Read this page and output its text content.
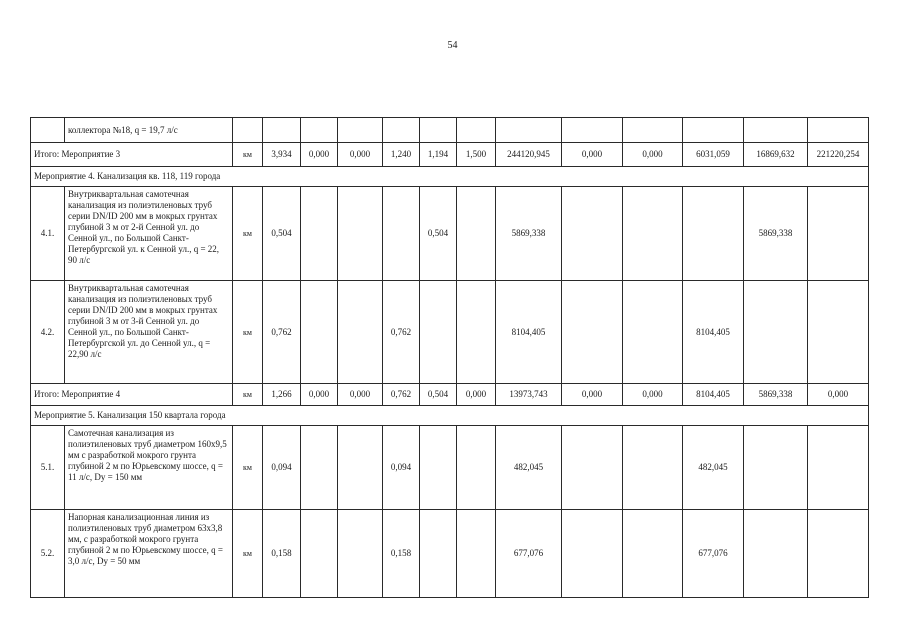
54
	коллектора №18, q = 19,7 л/с													
Итого: Мероприятие 3		км	3,934	0,000	0,000	1,240	1,194	1,500	244120,945	0,000	0,000	6031,059	16869,632	221220,254
Мероприятие 4. Канализация кв. 118, 119 города														
4.1.	Внутриквартальная самотечная канализация из полиэтиленовых труб серии DN/ID 200 мм в мокрых грунтах глубиной 3 м от 2-й Сенной ул. до Сенной ул., по Большой Санкт-Петербургской ул. к Сенной ул., q = 22, 90 л/с	км	0,504				0,504		5869,338				5869,338	
4.2.	Внутриквартальная самотечная канализация из полиэтиленовых труб серии DN/ID 200 мм в мокрых грунтах глубиной 3 м от 3-й Сенной ул. до Сенной ул., по Большой Санкт-Петербургской ул. до Сенной ул., q = 22,90 л/с	км	0,762			0,762			8104,405			8104,405		
Итого: Мероприятие 4		км	1,266	0,000	0,000	0,762	0,504	0,000	13973,743	0,000	0,000	8104,405	5869,338	0,000
Мероприятие 5. Канализация 150 квартала города														
5.1.	Самотечная канализация из полиэтиленовых труб диаметром 160х9,5 мм с разработкой мокрого грунта глубиной 2 м по Юрьевскому шоссе, q = 11 л/с, Dy = 150 мм	км	0,094			0,094			482,045			482,045		
5.2.	Напорная канализационная линия из полиэтиленовых труб диаметром 63х3,8 мм, с разработкой мокрого грунта глубиной 2 м по Юрьевскому шоссе, q = 3,0 л/с, Dy = 50 мм	км	0,158			0,158			677,076			677,076		
